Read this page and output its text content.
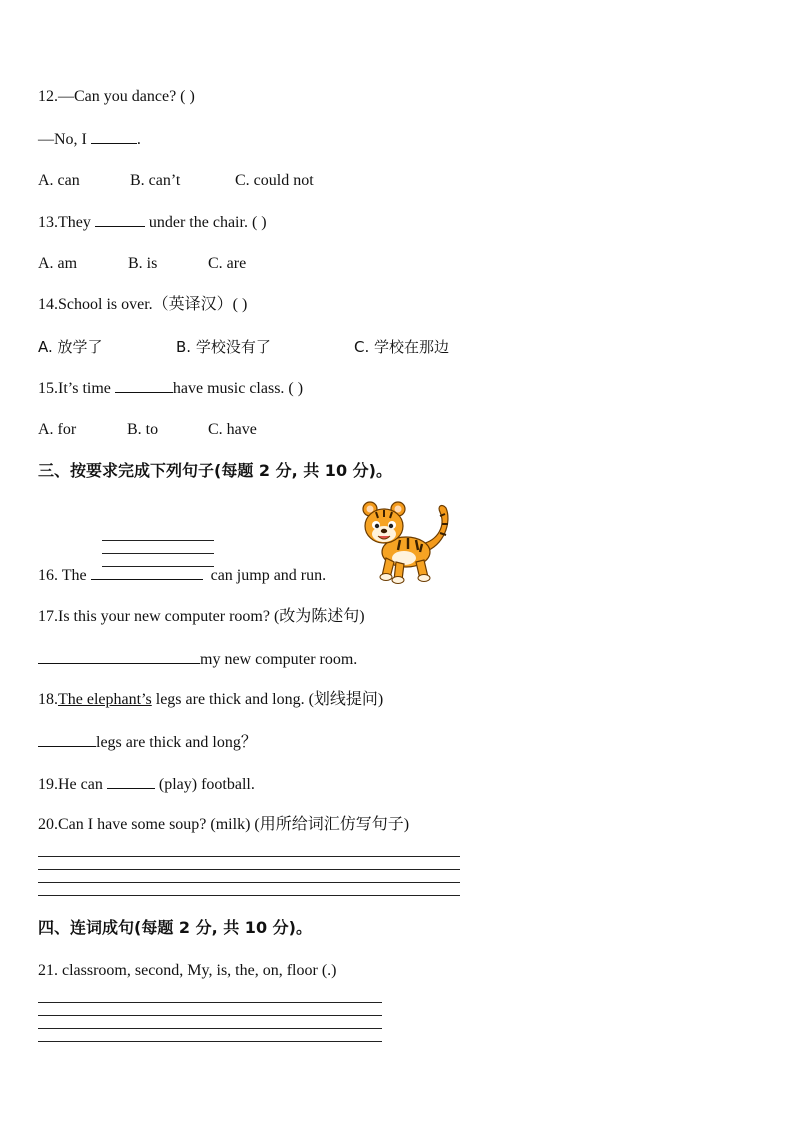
12.—Can you dance? ( )
—No, I	.
A. can	B. can’t	C. could not
13.They	under the chair. ( )
A. am	B. is	C. are
14.School is over.（英译汉）( )
A. 放学了	B. 学校没有了	C. 学校在那边
15.It’s time	have music class. ( )
A. for	B. to	C. have
三、按要求完成下列句子(每题 2 分, 共 10 分)。
16. The	can jump and run.
17.Is this your new computer room? (改为陈述句)
my new computer room.
18.The elephant’s legs are thick and long. (划线提问)
legs are thick and long？
19.He can	(play) football.
20.Can I have some soup? (milk) (用所给词汇仿写句子)
四、连词成句(每题 2 分, 共 10 分)。
21. classroom, second, My, is, the, on, floor (.)
